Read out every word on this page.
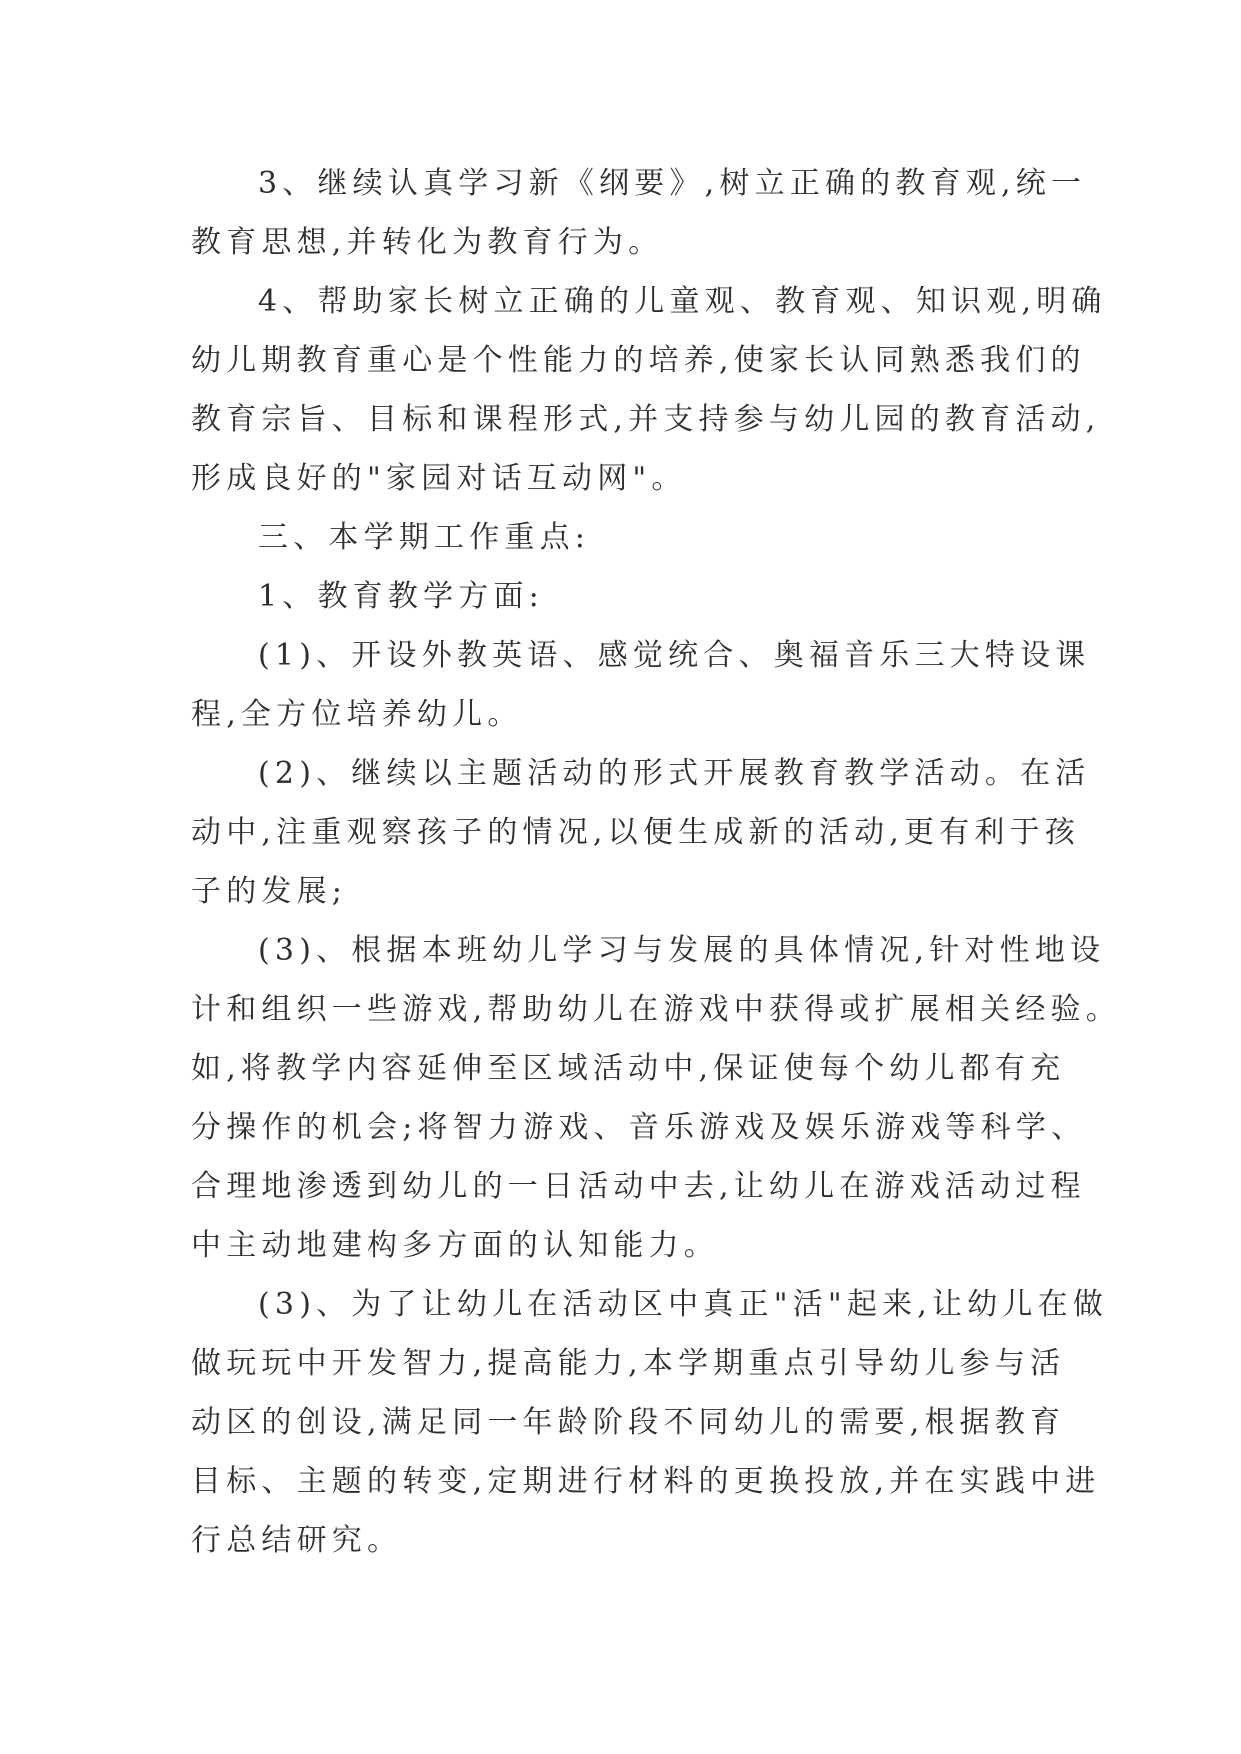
3、继续认真学习新《纲要》,树立正确的教育观,统一
教育思想,并转化为教育行为。
4、帮助家长树立正确的儿童观、教育观、知识观,明确
幼儿期教育重心是个性能力的培养,使家长认同熟悉我们的
教育宗旨、目标和课程形式,并支持参与幼儿园的教育活动,
形成良好的"家园对话互动网"。
三、本学期工作重点:
1、教育教学方面:
(1)、开设外教英语、感觉统合、奥福音乐三大特设课
程,全方位培养幼儿。
(2)、继续以主题活动的形式开展教育教学活动。在活
动中,注重观察孩子的情况,以便生成新的活动,更有利于孩
子的发展;
(3)、根据本班幼儿学习与发展的具体情况,针对性地设
计和组织一些游戏,帮助幼儿在游戏中获得或扩展相关经验。
如,将教学内容延伸至区域活动中,保证使每个幼儿都有充
分操作的机会;将智力游戏、音乐游戏及娱乐游戏等科学、
合理地渗透到幼儿的一日活动中去,让幼儿在游戏活动过程
中主动地建构多方面的认知能力。
(3)、为了让幼儿在活动区中真正"活"起来,让幼儿在做
做玩玩中开发智力,提高能力,本学期重点引导幼儿参与活
动区的创设,满足同一年龄阶段不同幼儿的需要,根据教育
目标、主题的转变,定期进行材料的更换投放,并在实践中进
行总结研究。
